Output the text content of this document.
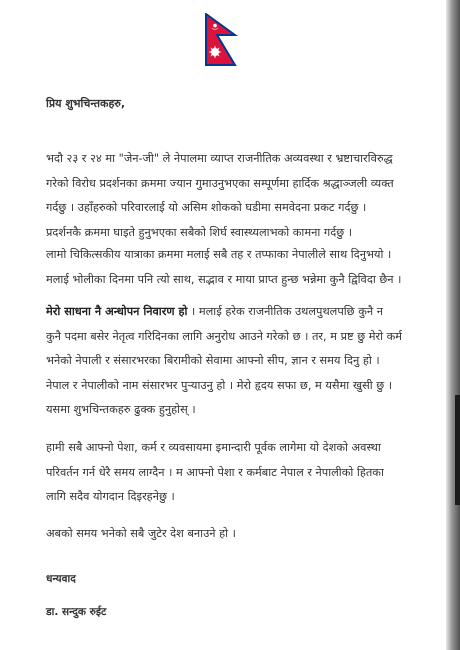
प्रिय शुभचिन्तकहरु,

भदौ २३ र २४ मा "जेन-जी" ले नेपालमा व्याप्त राजनीतिक अव्यवस्था र भ्रष्टाचारविरुद्ध
गरेको विरोध प्रदर्शनका क्रममा ज्यान गुमाउनुभएका सम्पूर्णमा हार्दिक श्रद्धाञ्जली व्यक्त
गर्दछु । उहाँहरुको परिवारलाई यो असिम शोकको घडीमा समवेदना प्रकट गर्दछु ।
प्रदर्शनकै क्रममा घाइते हुनुभएका सबैको शिर्घ स्वास्थ्यलाभको कामना गर्दछु ।

लामो चिकित्सकीय यात्राका क्रममा मलाई सबै तह र तप्फाका नेपालीले साथ दिनुभयो ।
मलाई भोलीका दिनमा पनि त्यो साथ, सद्भाव र माया प्राप्त हुन्छ भन्नेमा कुनै द्विविदा छैन ।

मेरो साधना नै अन्धोपन निवारण हो । मलाई हरेक राजनीतिक उथलपुथलपछि कुनै न
कुनै पदमा बसेर नेतृत्व गरिदिनका लागि अनुरोध आउने गरेको छ । तर, म प्रष्ट छु मेरो कर्म
भनेको नेपाली र संसारभरका बिरामीको सेवामा आफ्नो सीप, ज्ञान र समय दिनु हो ।
नेपाल र नेपालीको नाम संसारभर पुर्‍याउनु हो । मेरो हृदय सफा छ, म यसैमा खुसी छु ।
यसमा शुभचिन्तकहरु ढुक्क हुनुहोस् ।

हामी सबै आफ्नो पेशा, कर्म र व्यवसायमा इमान्दारी पूर्वक लागेमा यो देशको अवस्था
परिवर्तन गर्न धेरै समय लाग्दैन । म आफ्नो पेशा र कर्मबाट नेपाल र नेपालीको हितका
लागि सदैव योगदान दिइरहनेछु ।

अबको समय भनेको सबै जुटेर देश बनाउने हो ।

धन्यवाद

डा. सन्दुक रुईट
